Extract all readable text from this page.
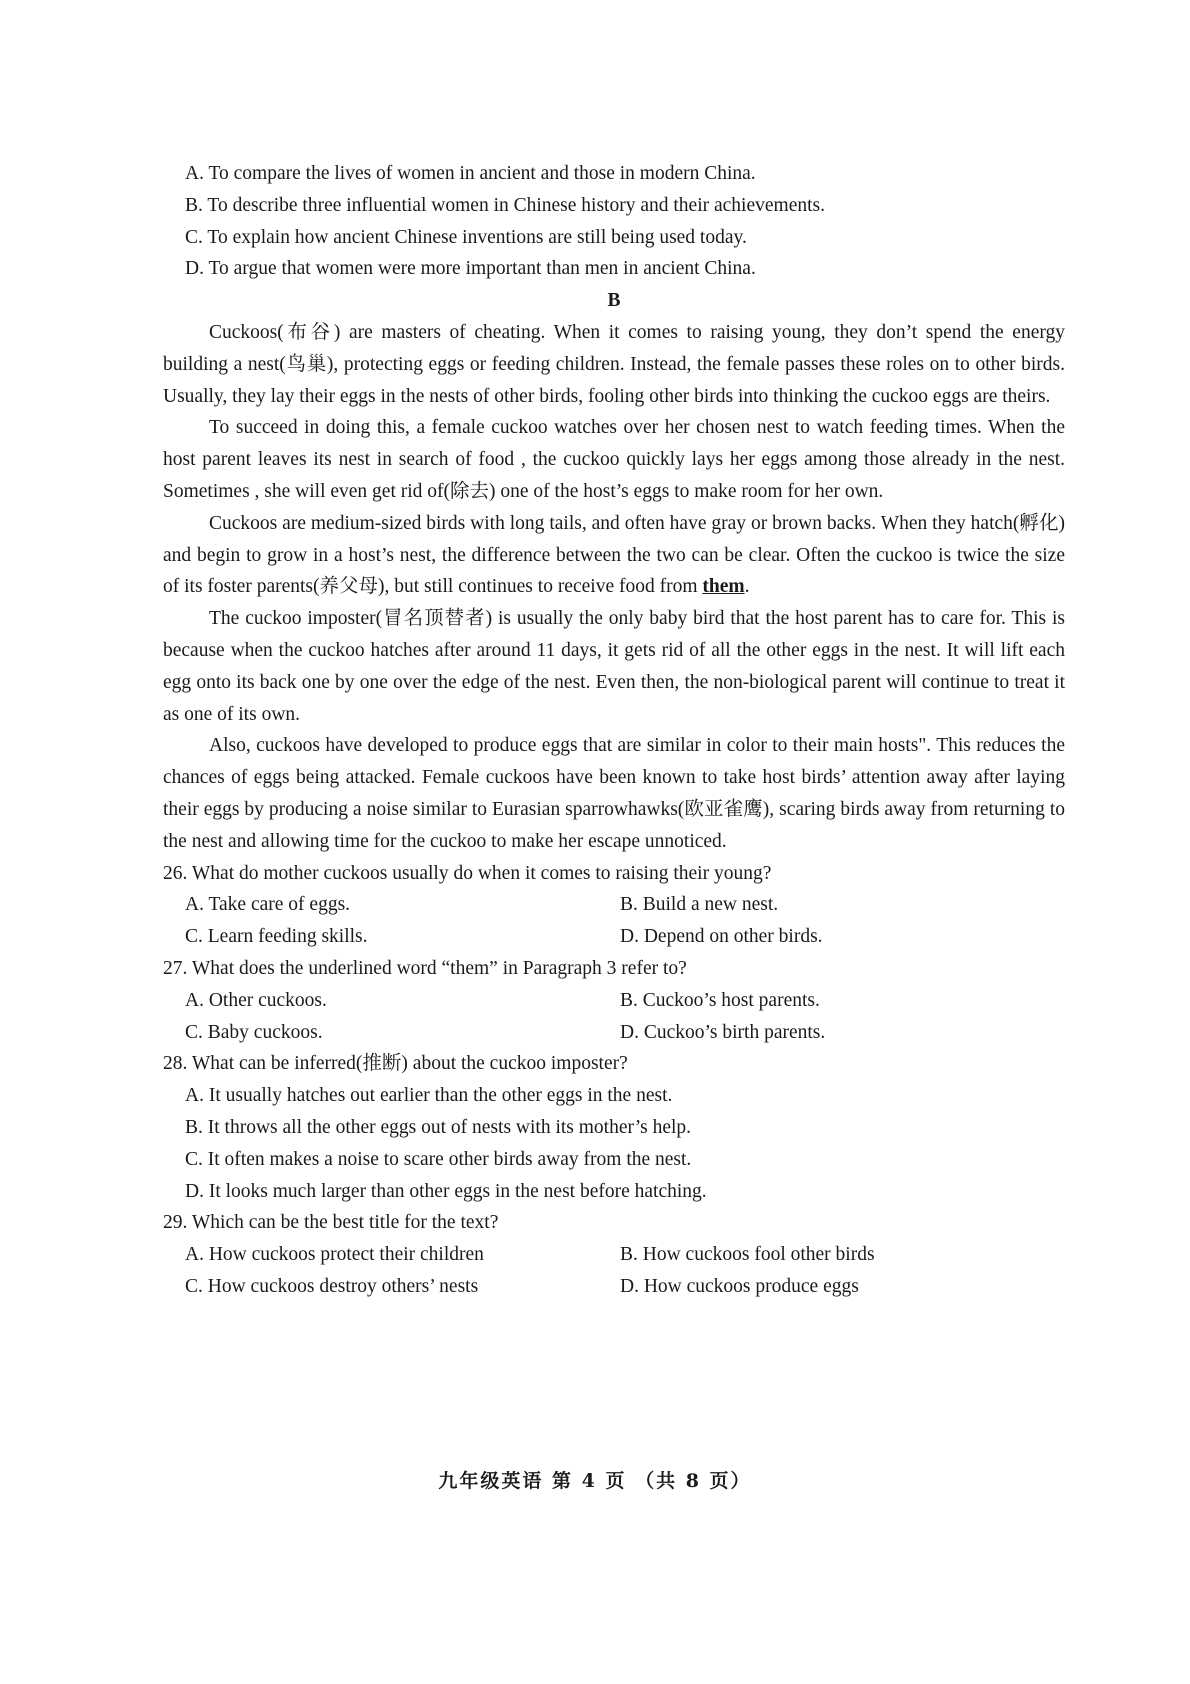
A. To compare the lives of women in ancient and those in modern China.
B. To describe three influential women in Chinese history and their achievements.
C. To explain how ancient Chinese inventions are still being used today.
D. To argue that women were more important than men in ancient China.
B

Cuckoos(布谷) are masters of cheating. When it comes to raising young, they don’t spend the energy building a nest(鸟巢), protecting eggs or feeding children. Instead, the female passes these roles on to other birds. Usually, they lay their eggs in the nests of other birds, fooling other birds into thinking the cuckoo eggs are theirs.

To succeed in doing this, a female cuckoo watches over her chosen nest to watch feeding times. When the host parent leaves its nest in search of food , the cuckoo quickly lays her eggs among those already in the nest. Sometimes , she will even get rid of(除去) one of the host’s eggs to make room for her own.

Cuckoos are medium-sized birds with long tails, and often have gray or brown backs. When they hatch(孵化) and begin to grow in a host’s nest, the difference between the two can be clear. Often the cuckoo is twice the size of its foster parents(养父母), but still continues to receive food from them.

The cuckoo imposter(冒名顶替者) is usually the only baby bird that the host parent has to care for. This is because when the cuckoo hatches after around 11 days, it gets rid of all the other eggs in the nest. It will lift each egg onto its back one by one over the edge of the nest. Even then, the non-biological parent will continue to treat it as one of its own.

Also, cuckoos have developed to produce eggs that are similar in color to their main hosts". This reduces the chances of eggs being attacked. Female cuckoos have been known to take host birds’ attention away after laying their eggs by producing a noise similar to Eurasian sparrowhawks(欧亚雀鹰), scaring birds away from returning to the nest and allowing time for the cuckoo to make her escape unnoticed.

26. What do mother cuckoos usually do when it comes to raising their young?
A. Take care of eggs.	B. Build a new nest.
C. Learn feeding skills.	D. Depend on other birds.
27. What does the underlined word “them” in Paragraph 3 refer to?
A. Other cuckoos.	B. Cuckoo’s host parents.
C. Baby cuckoos.	D. Cuckoo’s birth parents.
28. What can be inferred(推断) about the cuckoo imposter?
A. It usually hatches out earlier than the other eggs in the nest.
B. It throws all the other eggs out of nests with its mother’s help.
C. It often makes a noise to scare other birds away from the nest.
D. It looks much larger than other eggs in the nest before hatching.
29. Which can be the best title for the text?
A. How cuckoos protect their children	B. How cuckoos fool other birds
C. How cuckoos destroy others’ nests	D. How cuckoos produce eggs
九年级英语 第 4 页 （共 8 页）
